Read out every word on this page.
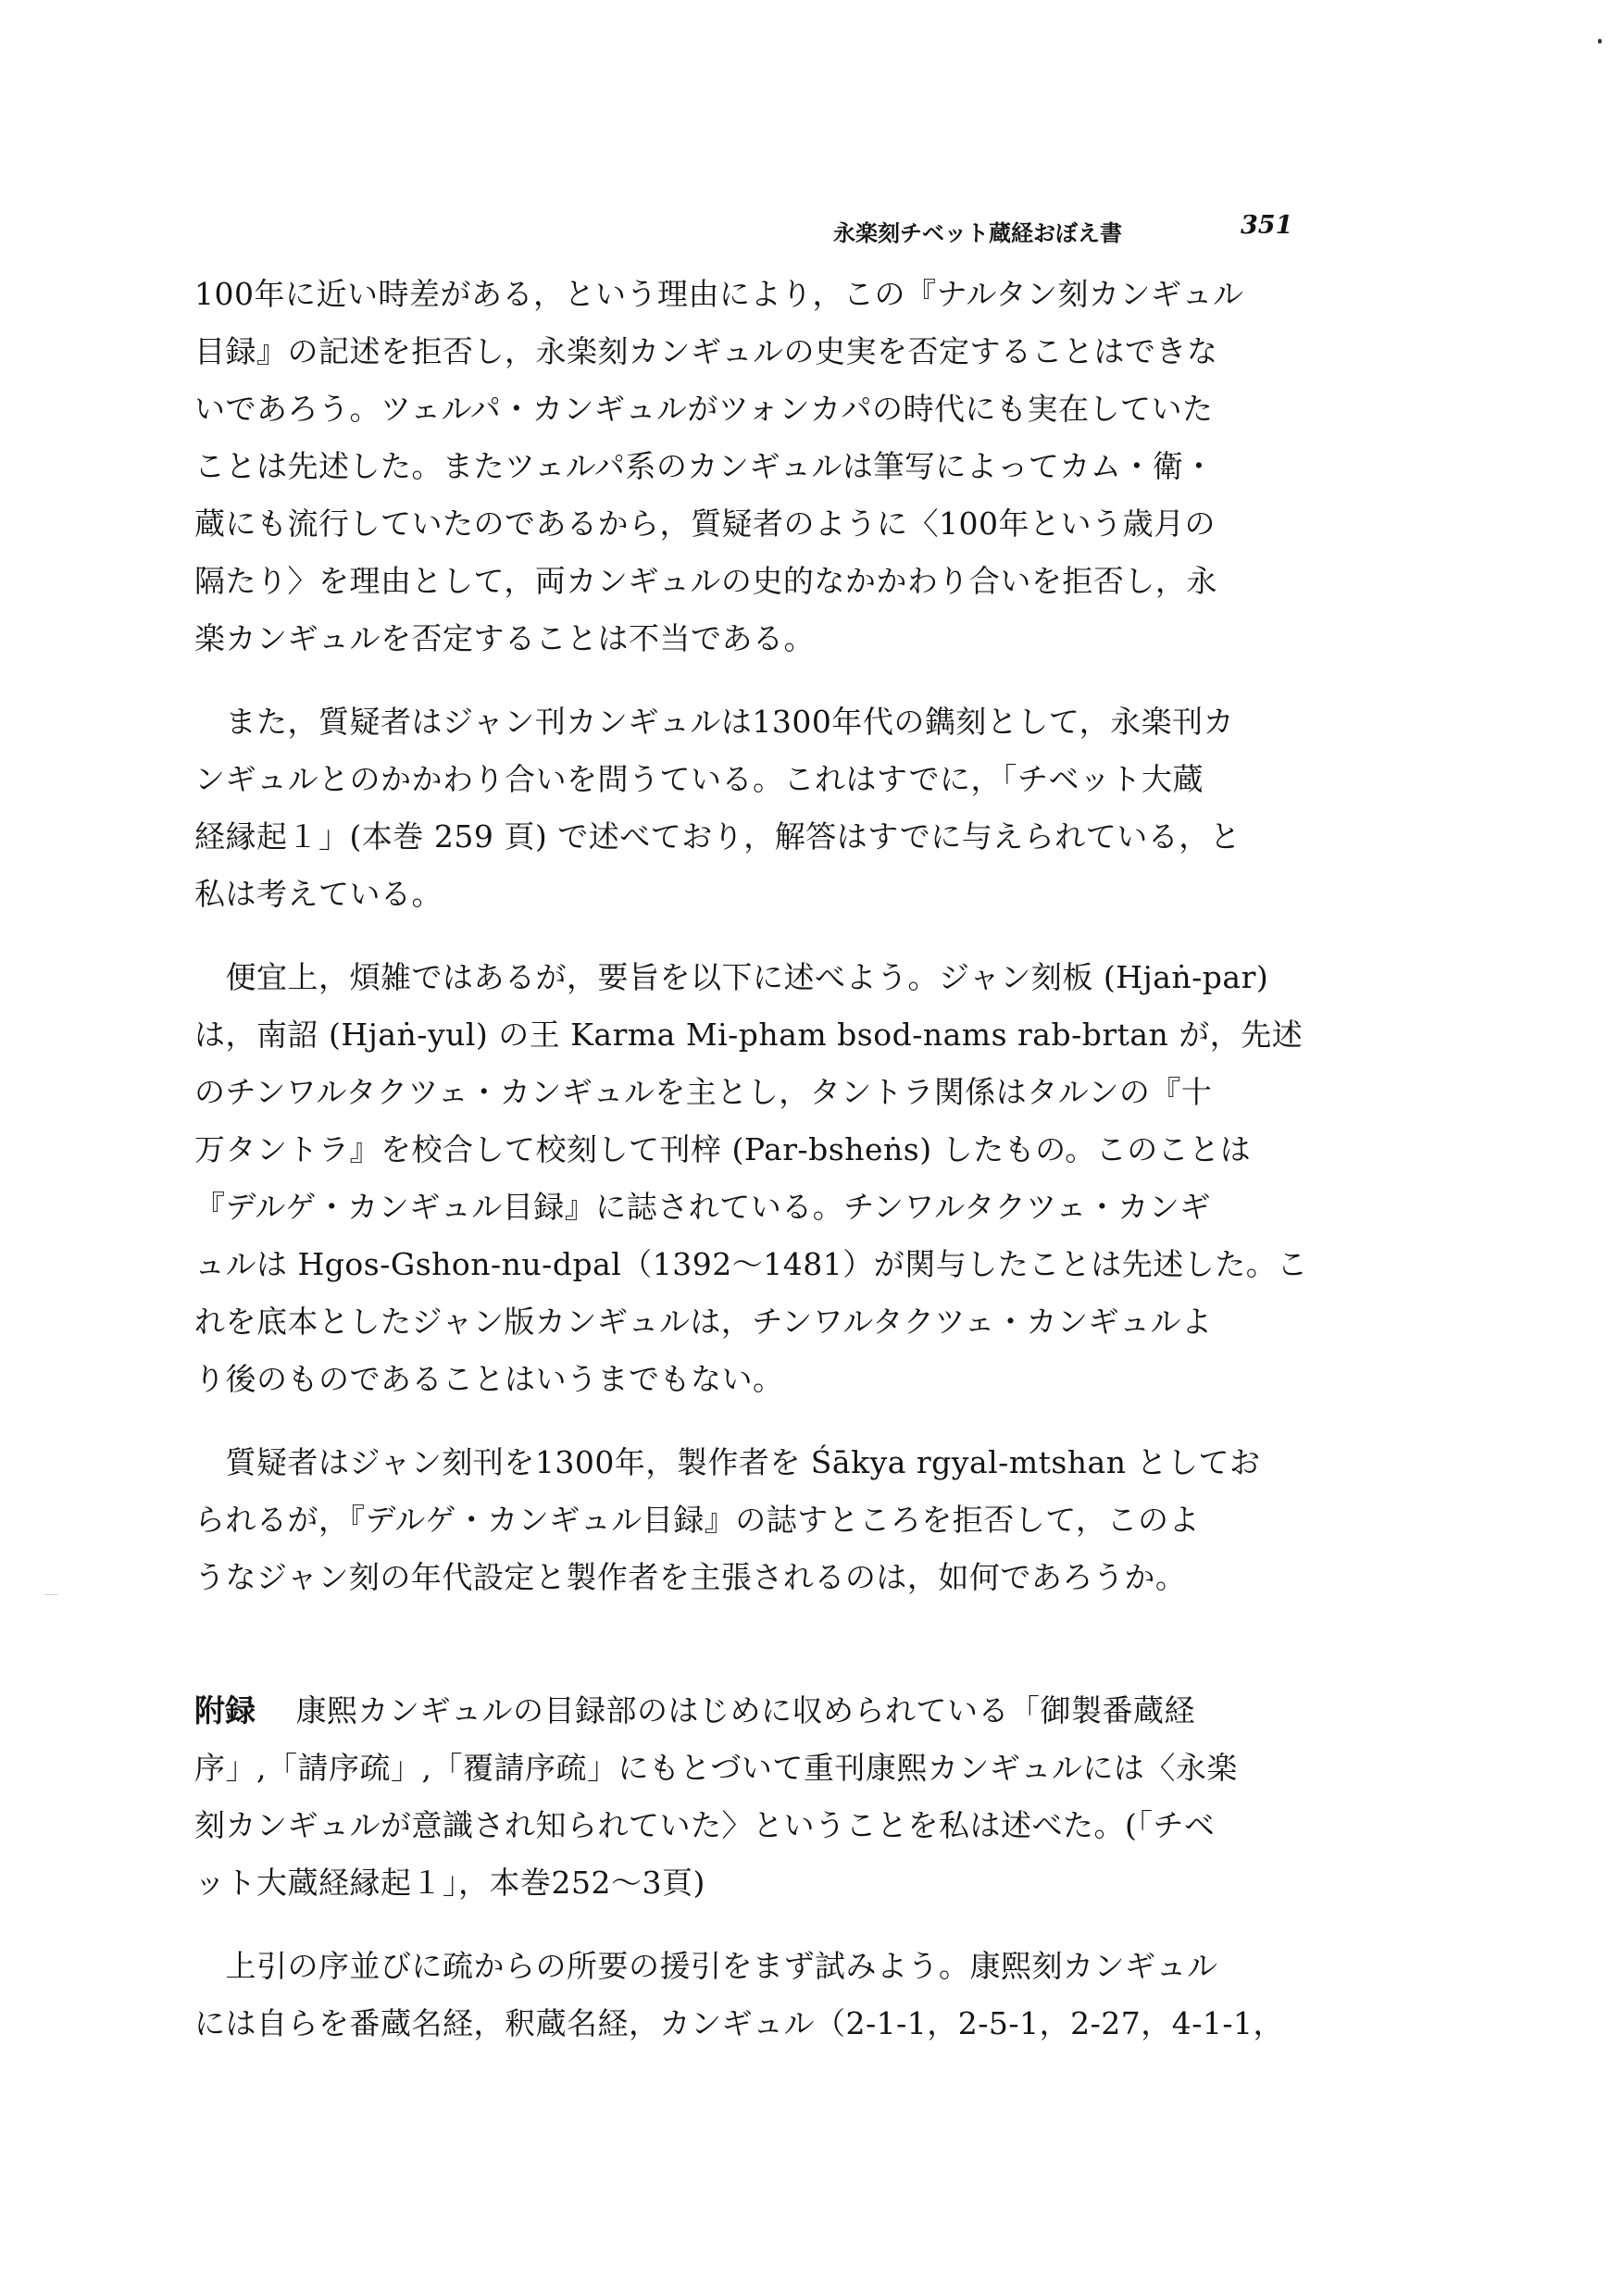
永楽刻チベット蔵経おぼえ書	351
100年に近い時差がある，という理由により，この『ナルタン刻カンギュル
目録』の記述を拒否し，永楽刻カンギュルの史実を否定することはできな
いであろう。ツェルパ・カンギュルがツォンカパの時代にも実在していた
ことは先述した。またツェルパ系のカンギュルは筆写によってカム・衛・
蔵にも流行していたのであるから，質疑者のように〈100年という歳月の
隔たり〉を理由として，両カンギュルの史的なかかわり合いを拒否し，永
楽カンギュルを否定することは不当である。
　また，質疑者はジャン刊カンギュルは1300年代の鐫刻として，永楽刊カ
ンギュルとのかかわり合いを問うている。これはすでに，「チベット大蔵
経縁起１」(本巻 259 頁) で述べており，解答はすでに与えられている，と
私は考えている。
　便宜上，煩雑ではあるが，要旨を以下に述べよう。ジャン刻板 (Hjaṅ-par)
は，南詔 (Hjaṅ-yul) の王 Karma Mi-pham bsod-nams rab-brtan が，先述
のチンワルタクツェ・カンギュルを主とし，タントラ関係はタルンの『十
万タントラ』を校合して校刻して刊梓 (Par-bsheṅs) したもの。このことは
『デルゲ・カンギュル目録』に誌されている。チンワルタクツェ・カンギ
ュルは Hgos-Gshon-nu-dpal（1392〜1481）が関与したことは先述した。こ
れを底本としたジャン版カンギュルは，チンワルタクツェ・カンギュルよ
り後のものであることはいうまでもない。
　質疑者はジャン刻刊を1300年，製作者を Śākya rgyal-mtshan としてお
られるが，『デルゲ・カンギュル目録』の誌すところを拒否して，このよ
うなジャン刻の年代設定と製作者を主張されるのは，如何であろうか。
附録 　康熙カンギュルの目録部のはじめに収められている「御製番蔵経
序」,「請序疏」,「覆請序疏」にもとづいて重刊康熙カンギュルには〈永楽
刻カンギュルが意識され知られていた〉ということを私は述べた。(「チベ
ット大蔵経縁起１」，本巻252〜3頁)
　上引の序並びに疏からの所要の援引をまず試みよう。康熙刻カンギュル
には自らを番蔵名経，釈蔵名経，カンギュル（2-1-1，2-5-1，2-27，4-1-1，
